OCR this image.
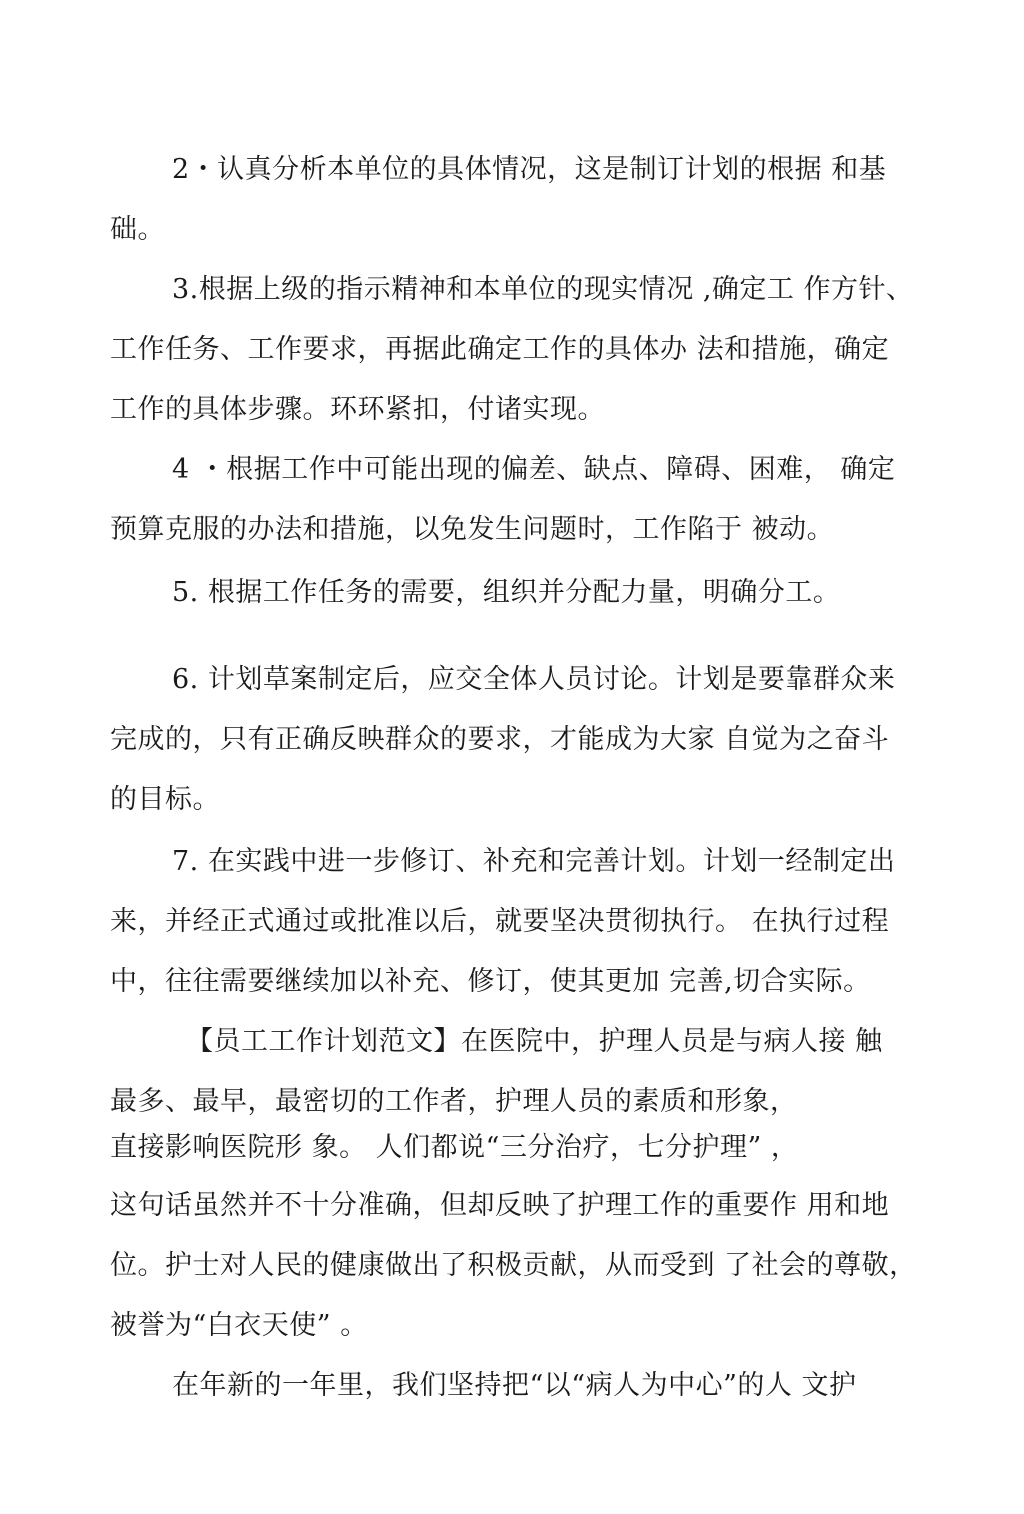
2・认真分析本单位的具体情况，这是制订计划的根据 和基
础。
3.根据上级的指示精神和本单位的现实情况 ,确定工 作方针、
工作任务、工作要求，再据此确定工作的具体办 法和措施，确定
工作的具体步骤。环环紧扣，付诸实现。
4 ・根据工作中可能出现的偏差、缺点、障碍、困难， 确定
预算克服的办法和措施，以免发生问题时，工作陷于 被动。
5. 根据工作任务的需要，组织并分配力量，明确分工。
6. 计划草案制定后，应交全体人员讨论。计划是要靠群众来
完成的，只有正确反映群众的要求，才能成为大家 自觉为之奋斗
的目标。
7. 在实践中进一步修订、补充和完善计划。计划一经制定出
来，并经正式通过或批准以后，就要坚决贯彻执行。 在执行过程
中，往往需要继续加以补充、修订，使其更加 完善,切合实际。
【员工工作计划范文】在医院中，护理人员是与病人接 触
最多、最早，最密切的工作者，护理人员的素质和形象，
直接影响医院形 象。 人们都说“三分治疗，七分护理” ，
这句话虽然并不十分准确，但却反映了护理工作的重要作 用和地
位。护士对人民的健康做出了积极贡献，从而受到 了社会的尊敬，
被誉为“白衣天使” 。
在年新的一年里，我们坚持把“以“病人为中心”的人 文护
